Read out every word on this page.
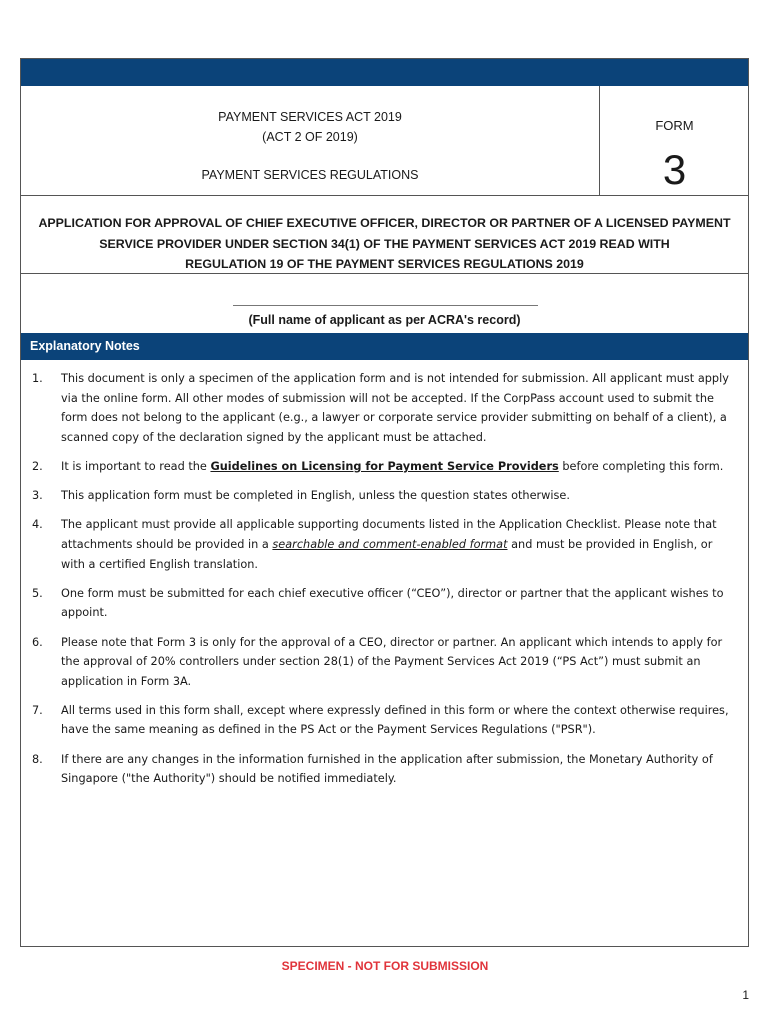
PAYMENT SERVICES ACT 2019
(ACT 2 OF 2019)
PAYMENT SERVICES REGULATIONS
FORM
3
APPLICATION FOR APPROVAL OF CHIEF EXECUTIVE OFFICER, DIRECTOR OR PARTNER OF A LICENSED PAYMENT
SERVICE PROVIDER UNDER SECTION 34(1) OF THE PAYMENT SERVICES ACT 2019 READ WITH
REGULATION 19 OF THE PAYMENT SERVICES REGULATIONS 2019
(Full name of applicant as per ACRA's record)
Explanatory Notes
1. This document is only a specimen of the application form and is not intended for submission. All applicant must apply via the online form. All other modes of submission will not be accepted. If the CorpPass account used to submit the form does not belong to the applicant (e.g., a lawyer or corporate service provider submitting on behalf of a client), a scanned copy of the declaration signed by the applicant must be attached.
2. It is important to read the Guidelines on Licensing for Payment Service Providers before completing this form.
3. This application form must be completed in English, unless the question states otherwise.
4. The applicant must provide all applicable supporting documents listed in the Application Checklist. Please note that attachments should be provided in a searchable and comment-enabled format and must be provided in English, or with a certified English translation.
5. One form must be submitted for each chief executive officer (“CEO”), director or partner that the applicant wishes to appoint.
6. Please note that Form 3 is only for the approval of a CEO, director or partner. An applicant which intends to apply for the approval of 20% controllers under section 28(1) of the Payment Services Act 2019 (“PS Act”) must submit an application in Form 3A.
7. All terms used in this form shall, except where expressly defined in this form or where the context otherwise requires, have the same meaning as defined in the PS Act or the Payment Services Regulations ("PSR").
8. If there are any changes in the information furnished in the application after submission, the Monetary Authority of Singapore ("the Authority") should be notified immediately.
SPECIMEN - NOT FOR SUBMISSION
1
